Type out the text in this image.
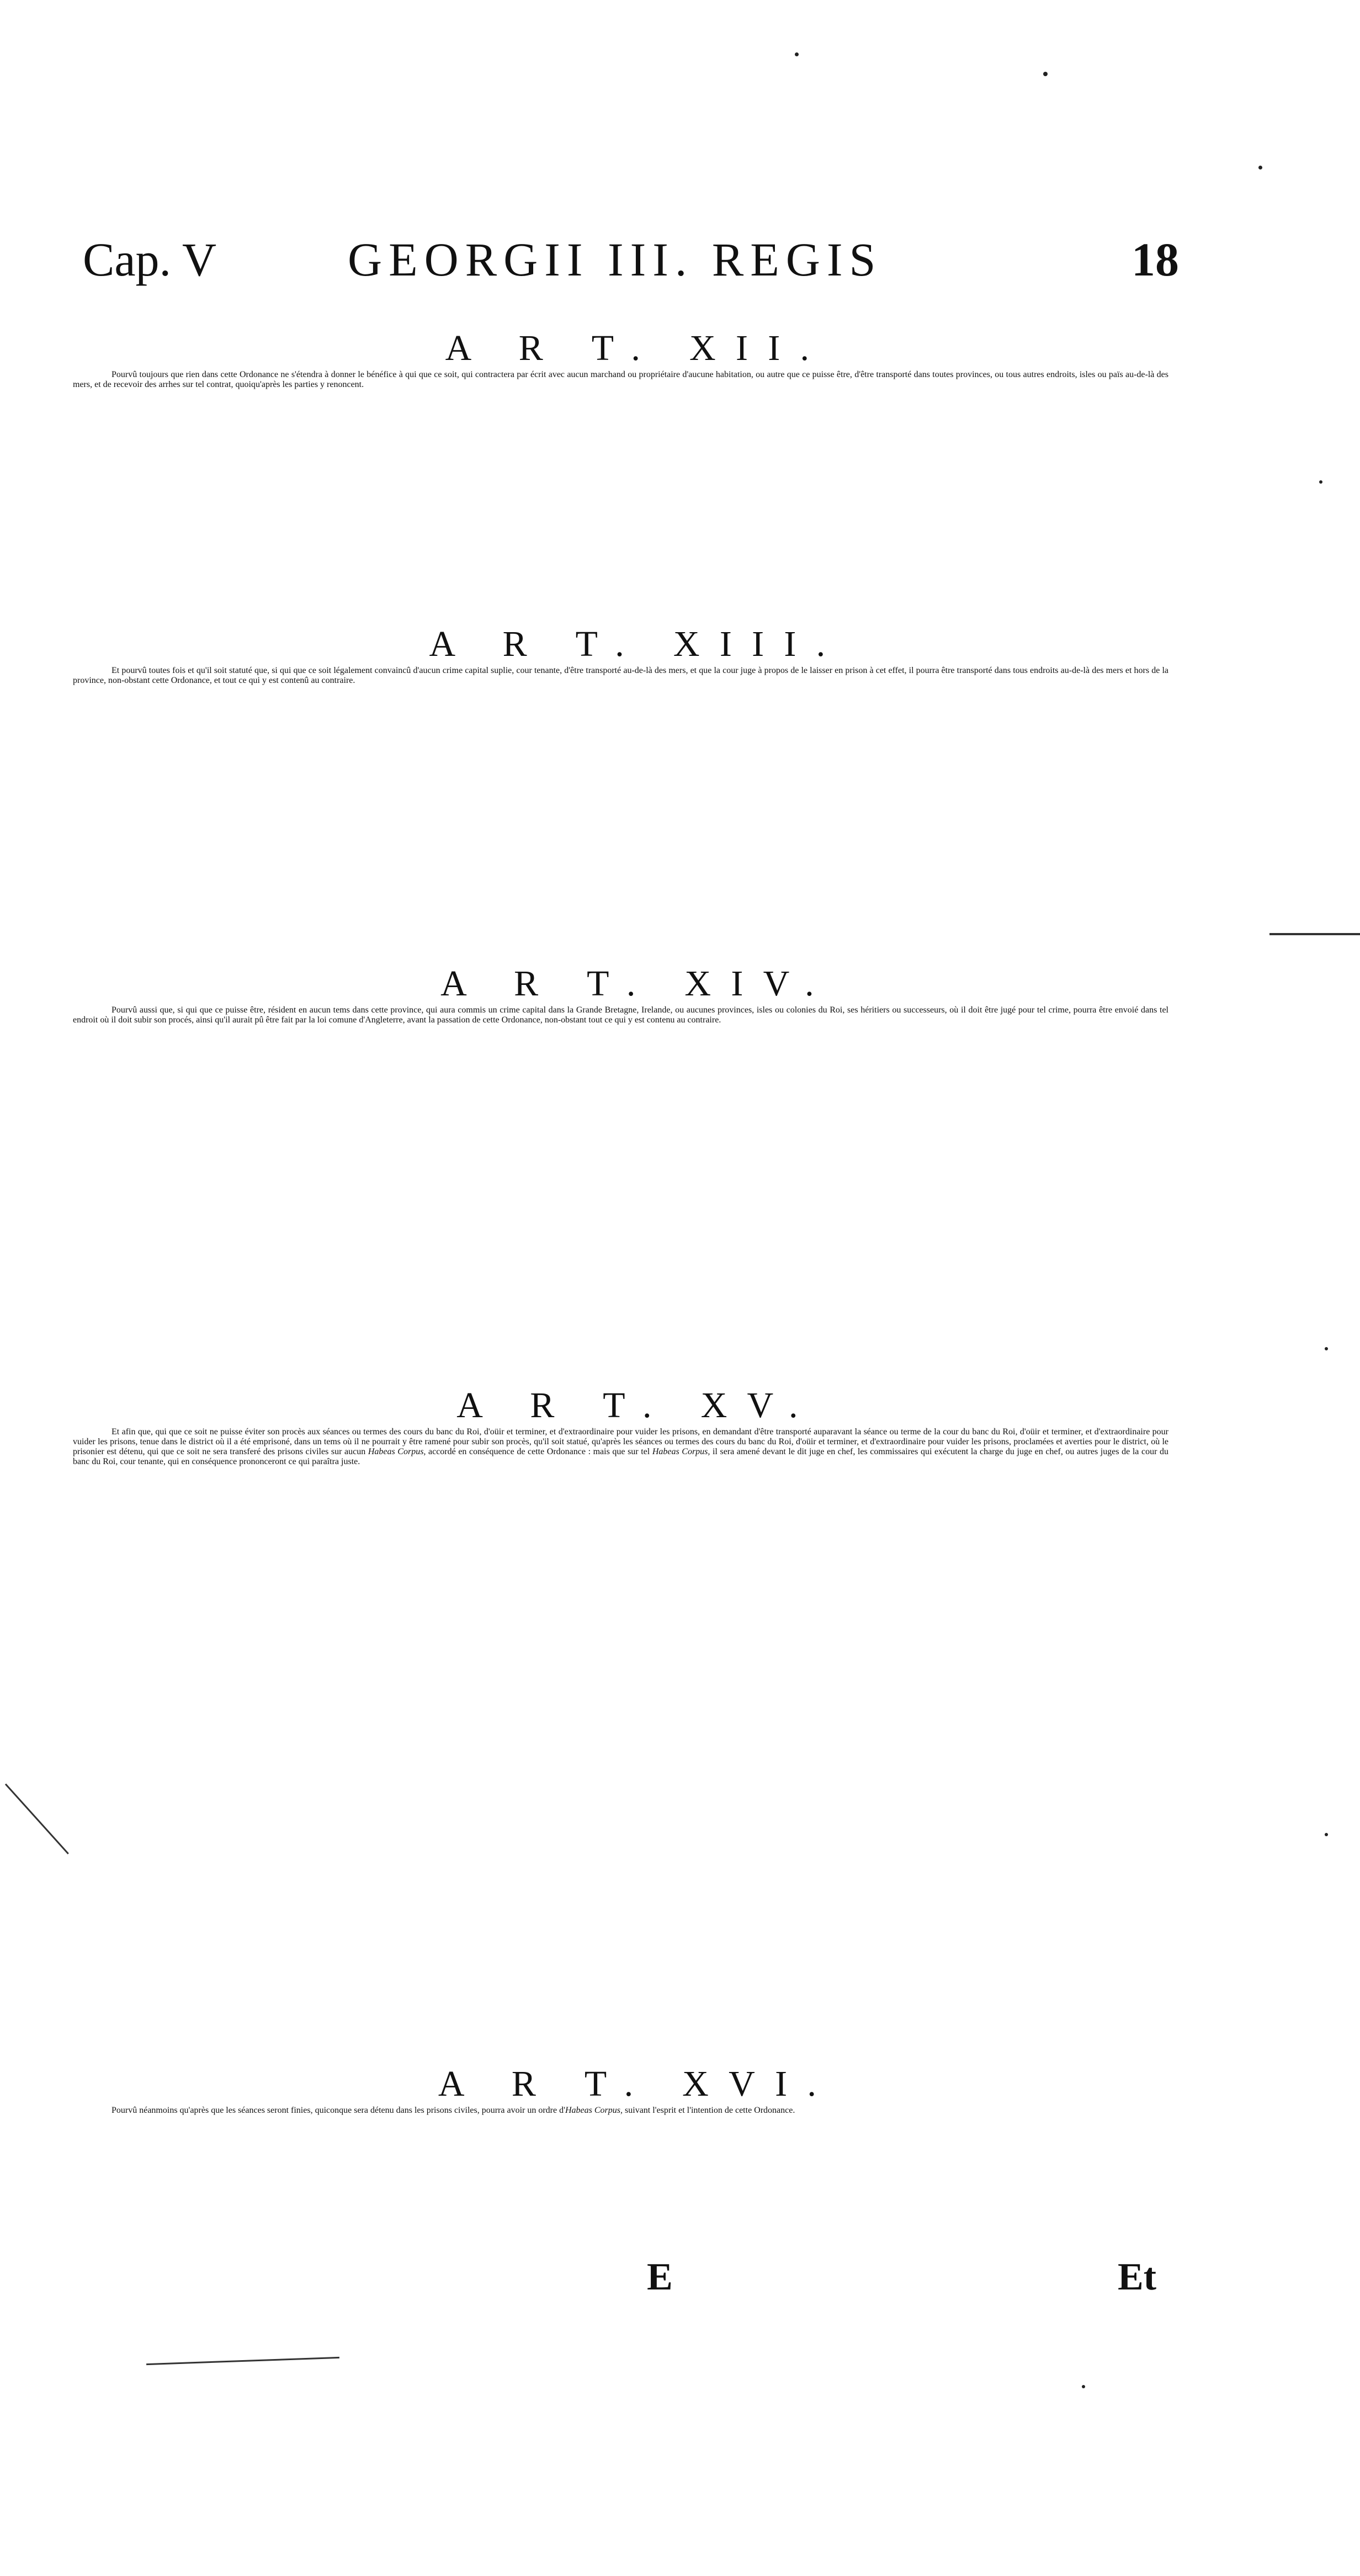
Cap. V	GEORGII III. REGIS	18
A R T. XII.

Pourvû toujours que rien dans cette Ordonance ne s'étendra à donner le bénéfice à qui que ce soit, qui contractera par écrit avec aucun marchand ou propriétaire d'aucune habitation, ou autre que ce puisse être, d'être transporté dans toutes provinces, ou tous autres endroits, isles ou païs au-de-là des mers, et de recevoir des arrhes sur tel contrat, quoiqu'après les parties y renoncent.

A R T. XIII.

Et pourvû toutes fois et qu'il soit statuté que, si qui que ce soit légalement convaincû d'aucun crime capital suplie, cour tenante, d'être transporté au-de-là des mers, et que la cour juge à propos de le laisser en prison à cet effet, il pourra être transporté dans tous endroits au-de-là des mers et hors de la province, non-obstant cette Ordonance, et tout ce qui y est contenû au contraire.

A R T. XIV.

Pourvû aussi que, si qui que ce puisse être, résident en aucun tems dans cette province, qui aura commis un crime capital dans la Grande Bretagne, Irelande, ou aucunes provinces, isles ou colonies du Roi, ses héritiers ou successeurs, où il doit être jugé pour tel crime, pourra être envoié dans tel endroit où il doit subir son procés, ainsi qu'il aurait pû être fait par la loi comune d'Angleterre, avant la passation de cette Ordonance, non-obstant tout ce qui y est contenu au contraire.

A R T. XV.

Et afin que, qui que ce soit ne puisse éviter son procès aux séances ou termes des cours du banc du Roi, d'oüir et terminer, et d'extraordinaire pour vuider les prisons, en demandant d'être transporté auparavant la séance ou terme de la cour du banc du Roi, d'oüir et terminer, et d'extraordinaire pour vuider les prisons, tenue dans le district où il a été emprisoné, dans un tems où il ne pourrait y être ramené pour subir son procès, qu'il soit statué, qu'après les séances ou termes des cours du banc du Roi, d'oüir et terminer, et d'extraordinaire pour vuider les prisons, proclamées et averties pour le district, où le prisonier est détenu, qui que ce soit ne sera transferé des prisons civiles sur aucun Habeas Corpus, accordé en conséquence de cette Ordonance : mais que sur tel Habeas Corpus, il sera amené devant le dit juge en chef, les commissaires qui exécutent la charge du juge en chef, ou autres juges de la cour du banc du Roi, cour tenante, qui en conséquence prononceront ce qui paraîtra juste.

A R T. XVI.

Pourvû néanmoins qu'après que les séances seront finies, quiconque sera détenu dans les prisons civiles, pourra avoir un ordre d'Habeas Corpus, suivant l'esprit et l'intention de cette Ordonance.

E	Et
